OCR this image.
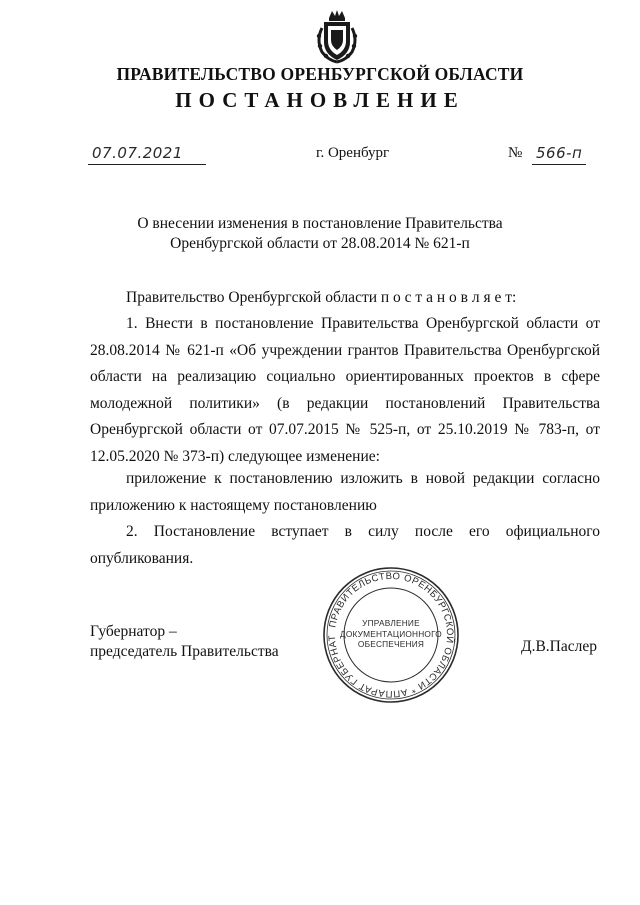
ПРАВИТЕЛЬСТВО ОРЕНБУРГСКОЙ ОБЛАСТИ
ПОСТАНОВЛЕНИЕ
07.07.2021	г. Оренбург	№ 566-п
О внесении изменения в постановление Правительства
Оренбургской области от 28.08.2014 № 621-п

Правительство Оренбургской области п о с т а н о в л я е т:

1. Внести в постановление Правительства Оренбургской области от 28.08.2014 № 621-п «Об учреждении грантов Правительства Оренбургской области на реализацию социально ориентированных проектов в сфере молодежной политики» (в редакции постановлений Правительства Оренбургской области от 07.07.2015 № 525-п, от 25.10.2019 № 783-п, от 12.05.2020 № 373-п) следующее изменение:

приложение к постановлению изложить в новой редакции согласно приложению к настоящему постановлению

2. Постановление вступает в силу после его официального опубликования.

Губернатор –
председатель Правительства
ПРАВИТЕЛЬСТВО ОРЕНБУРГСКОЙ ОБЛАСТИ * АППАРАТ ГУБЕРНАТ
УПРАВЛЕНИЕ
ДОКУМЕНТАЦИОННОГО
ОБЕСПЕЧЕНИЯ	Д.В.Паслер
